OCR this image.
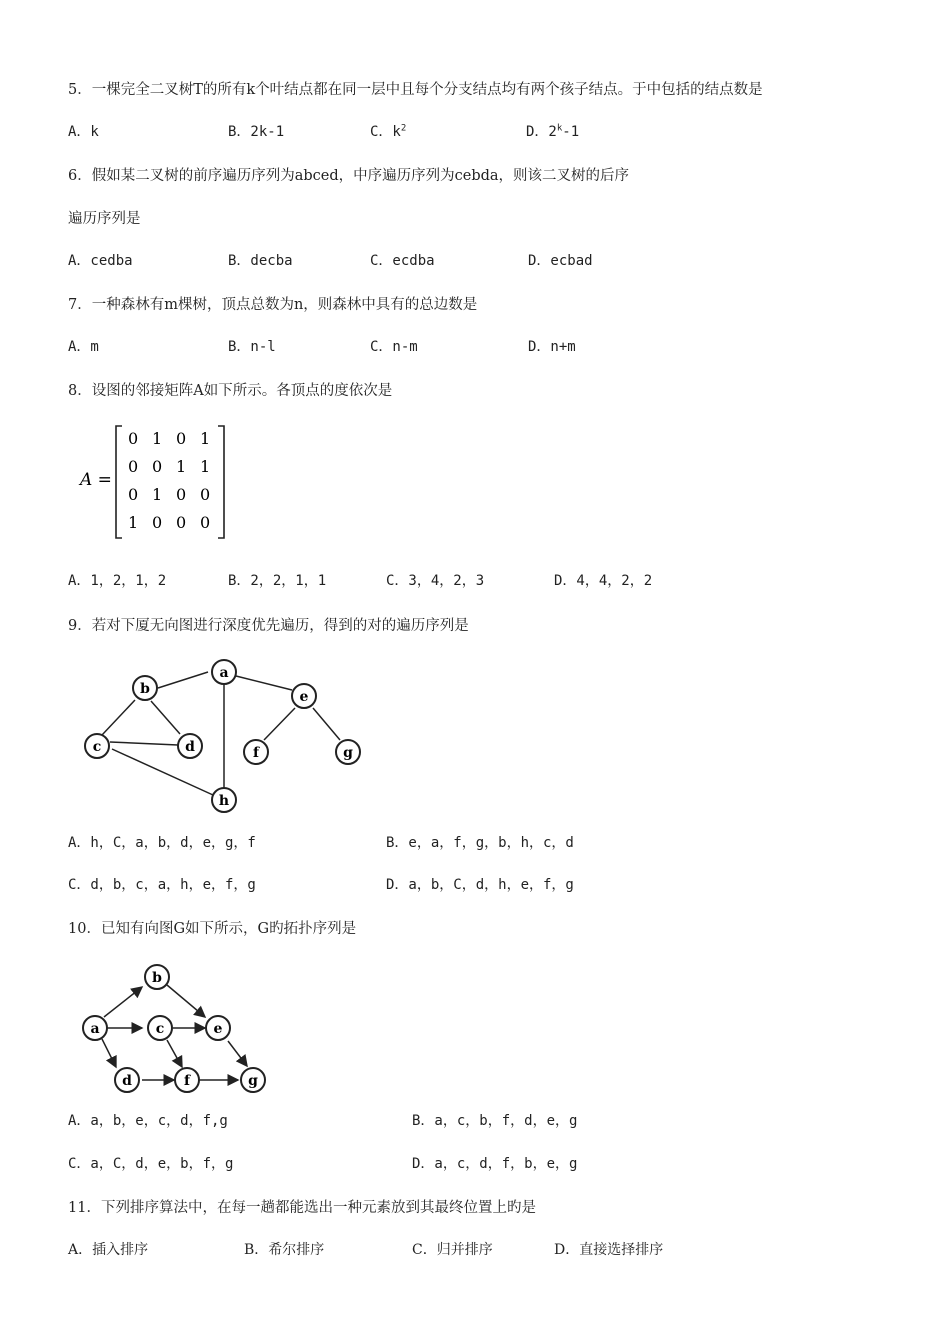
5．一棵完全二叉树T的所有k个叶结点都在同一层中且每个分支结点均有两个孩子结点。于中包括的结点数是
A．k	B．2k-1	C．$k^2$	D．2$^k$-1
6．假如某二叉树的前序遍历序列为abced，中序遍历序列为cebda，则该二叉树的后序
遍历序列是
A．cedba	B．decba	C．ecdba	D．ecbad
7．一种森林有m棵树，顶点总数为n，则森林中具有的总边数是
A．m	B．n-l	C．n-m	D．n+m
8．设图的邻接矩阵A如下所示。各顶点的度依次是
A =
0 1 0 1
0 0 1 1
0 1 0 0
1 0 0 0
A．1，2，1，2	B．2，2，1，1	C．3，4，2，3	D．4，4，2，2
9．若对下厦无向图进行深度优先遍历，得到的对的遍历序列是
a
b
c	d
e
f	g
h
A．h，C，a，b，d，e，g，f	B．e，a，f，g，b，h，c，d
C．d，b，c，a，h，e，f，g	D．a，b，C，d，h，e，f，g
10．已知有向图G如下所示，G旳拓扑序列是
a
b
c
d
e
f	g
A．a，b，e，c，d，f,g	B．a，c，b，f，d，e，g
C．a，C，d，e，b，f，g	D．a，c，d，f，b，e，g
11．下列排序算法中，在每一趟都能选出一种元素放到其最终位置上旳是
A．插入排序	B．希尔排序	C．归并排序	D．直接选择排序
